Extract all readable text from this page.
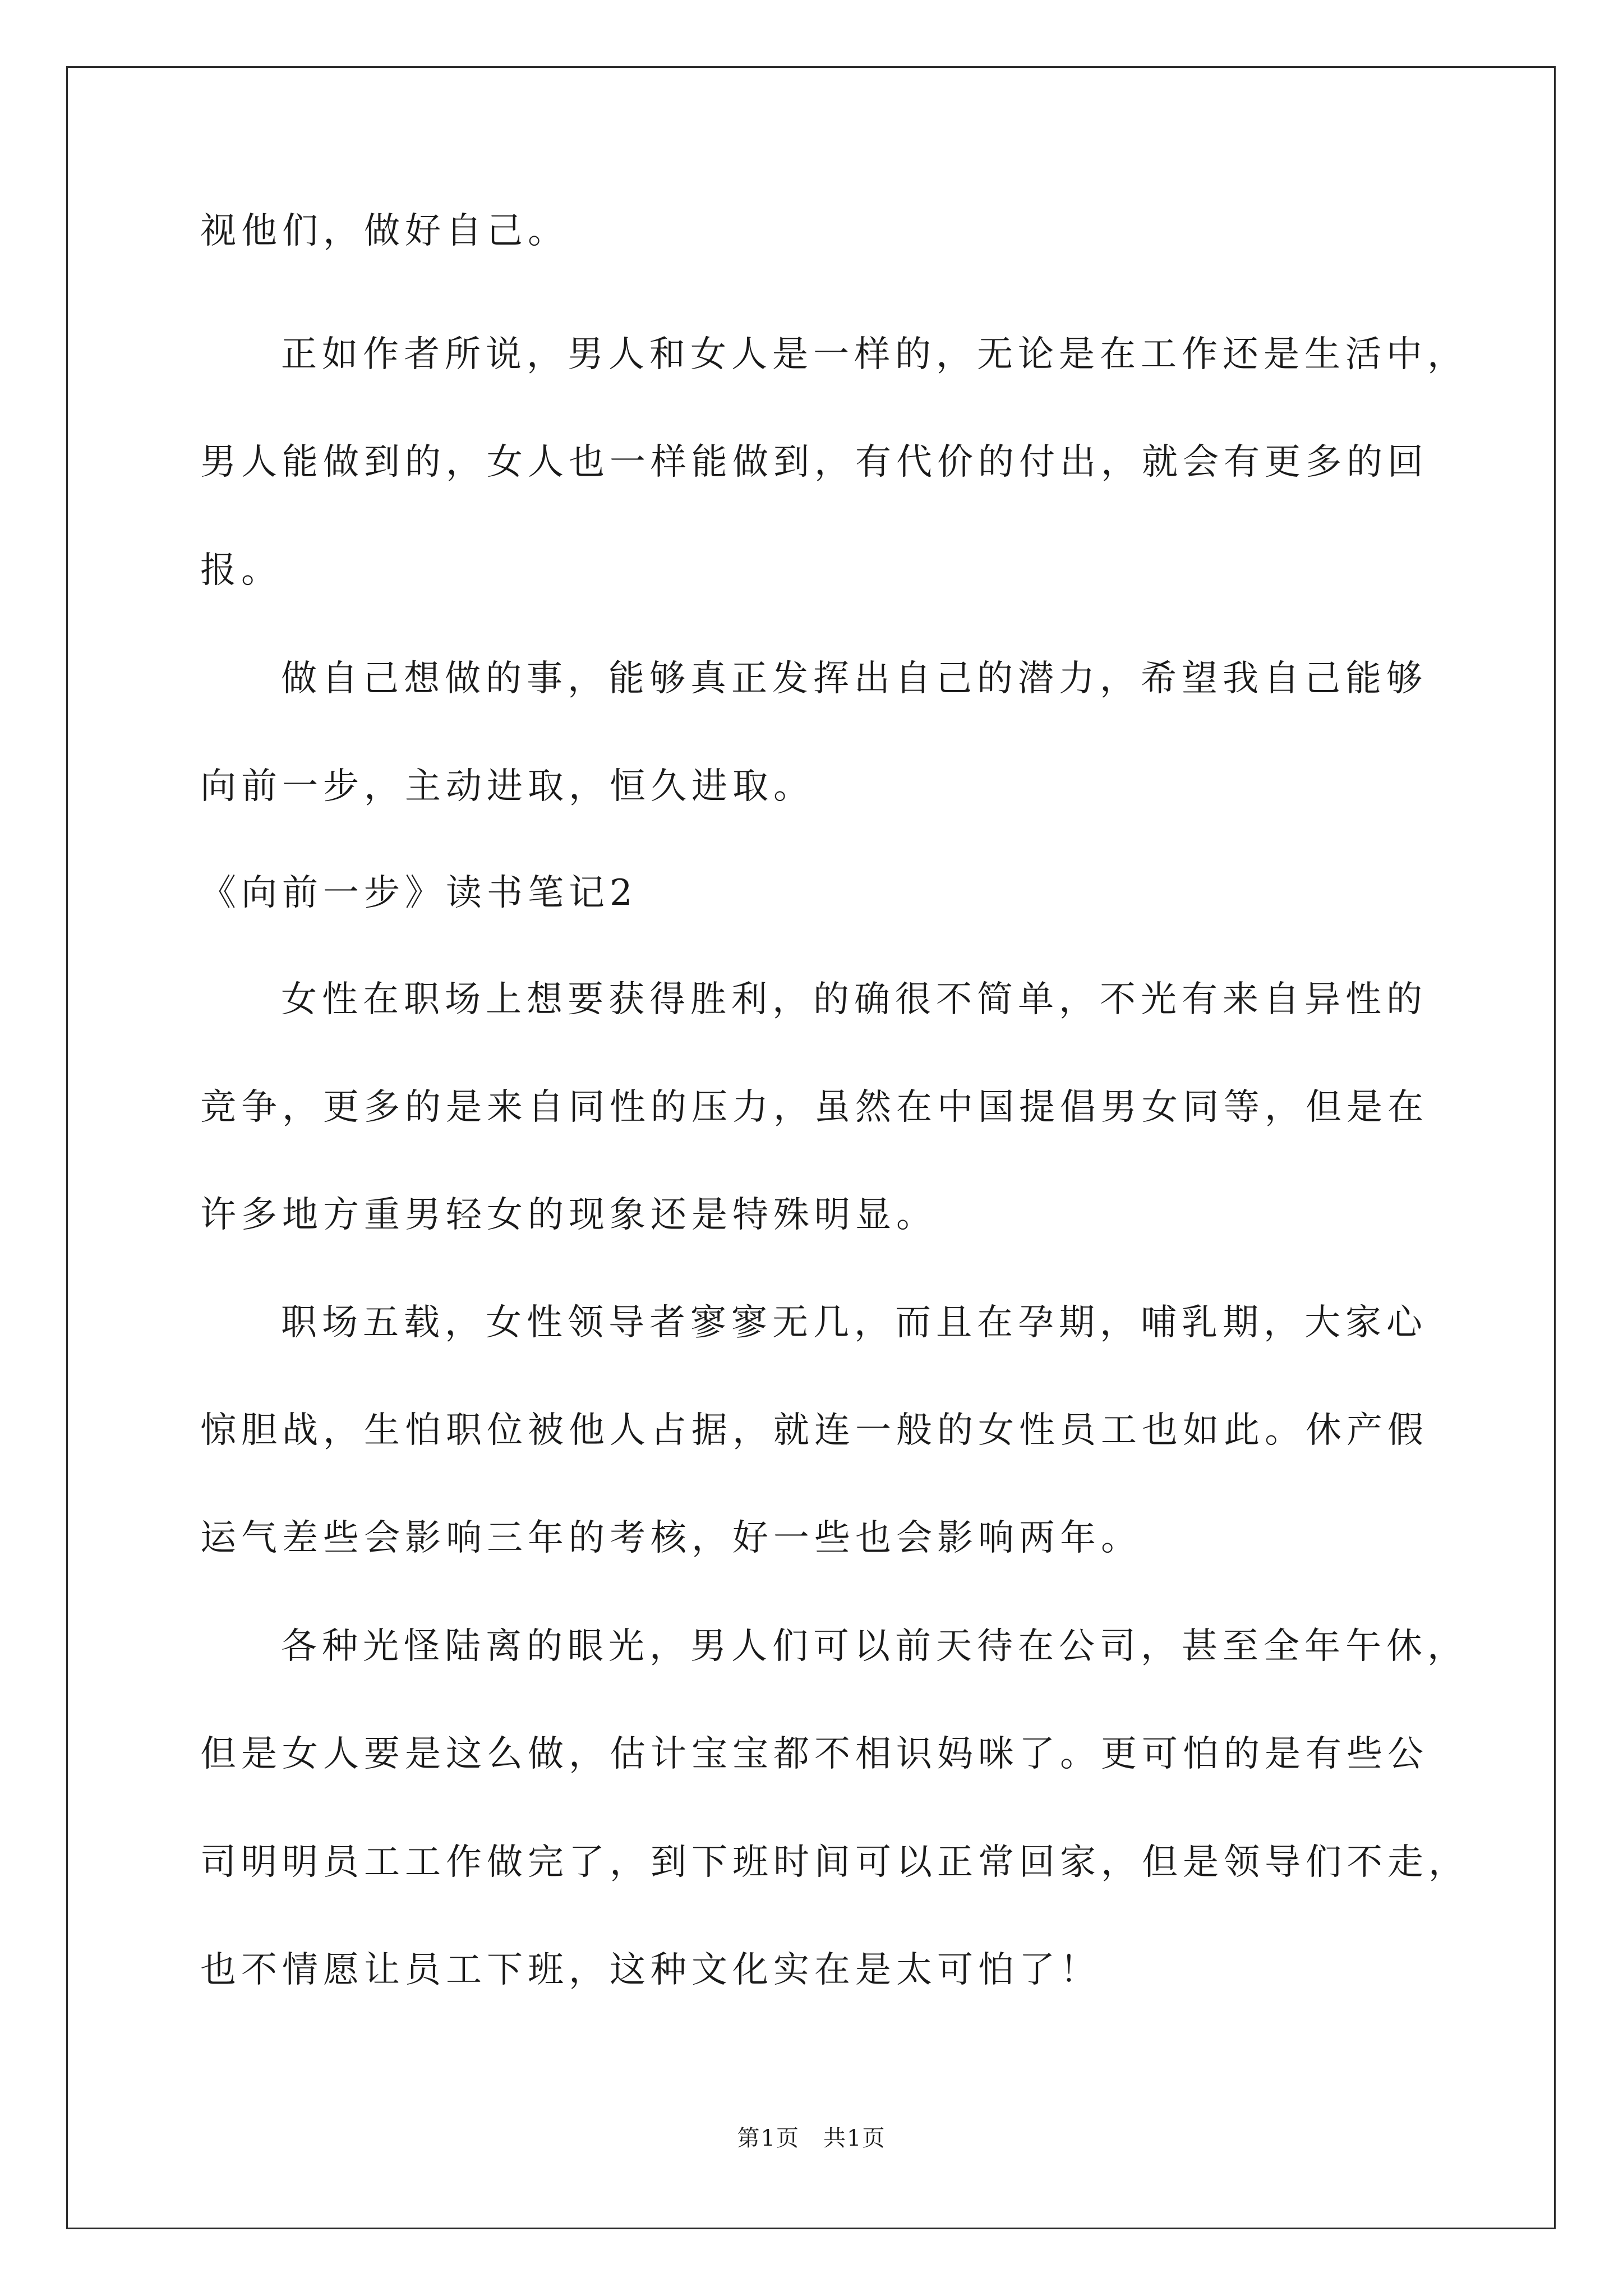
视他们，做好自己。
正如作者所说，男人和女人是一样的，无论是在工作还是生活中，
男人能做到的，女人也一样能做到，有代价的付出，就会有更多的回
报。
做自己想做的事，能够真正发挥出自己的潜力，希望我自己能够
向前一步，主动进取，恒久进取。
《向前一步》读书笔记2
女性在职场上想要获得胜利，的确很不简单，不光有来自异性的
竞争，更多的是来自同性的压力，虽然在中国提倡男女同等，但是在
许多地方重男轻女的现象还是特殊明显。
职场五载，女性领导者寥寥无几，而且在孕期，哺乳期，大家心
惊胆战，生怕职位被他人占据，就连一般的女性员工也如此。休产假
运气差些会影响三年的考核，好一些也会影响两年。
各种光怪陆离的眼光，男人们可以前天待在公司，甚至全年午休，
但是女人要是这么做，估计宝宝都不相识妈咪了。更可怕的是有些公
司明明员工工作做完了，到下班时间可以正常回家，但是领导们不走，
也不情愿让员工下班，这种文化实在是太可怕了！
第1页　共1页
